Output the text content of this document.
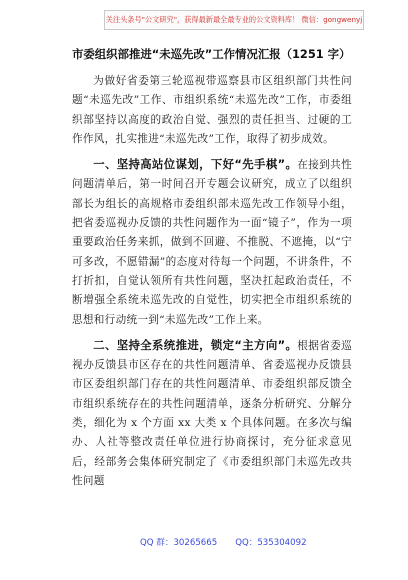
关注头条号"公文研究"，获得最新最全最专业的公文资料库！ 微信：gongwenyj
市委组织部推进“未巡先改”工作情况汇报（1251 字）

为做好省委第三轮巡视带巡察县市区组织部门共性问题“未巡先改”工作、市组织系统“未巡先改”工作，市委组织部坚持以高度的政治自觉、强烈的责任担当、过硬的工作作风，扎实推进“未巡先改”工作，取得了初步成效。

一、坚持高站位谋划，下好“先手棋”。在接到共性问题清单后，第一时间召开专题会议研究，成立了以组织部长为组长的高规格市委组织部未巡先改工作领导小组，把省委巡视办反馈的共性问题作为一面“镜子”，作为一项重要政治任务来抓，做到不回避、不推脱、不遮掩，以“宁可多改，不愿错漏”的态度对待每一个问题，不讲条件，不打折扣，自觉认领所有共性问题，坚决扛起政治责任，不断增强全系统未巡先改的自觉性，切实把全市组织系统的思想和行动统一到“未巡先改”工作上来。

二、坚持全系统推进，锁定“主方向”。根据省委巡视办反馈县市区存在的共性问题清单、省委巡视办反馈县市区委组织部门存在的共性问题清单、市委组织部反馈全市组织系统存在的共性问题清单，逐条分析研究、分解分类，细化为 x 个方面 xx 大类 x 个具体问题。在多次与编办、人社等整改责任单位进行协商探讨，充分征求意见后，经部务会集体研究制定了《市委组织部门未巡先改共性问题

QQ 群：30265665 QQ：535304092
